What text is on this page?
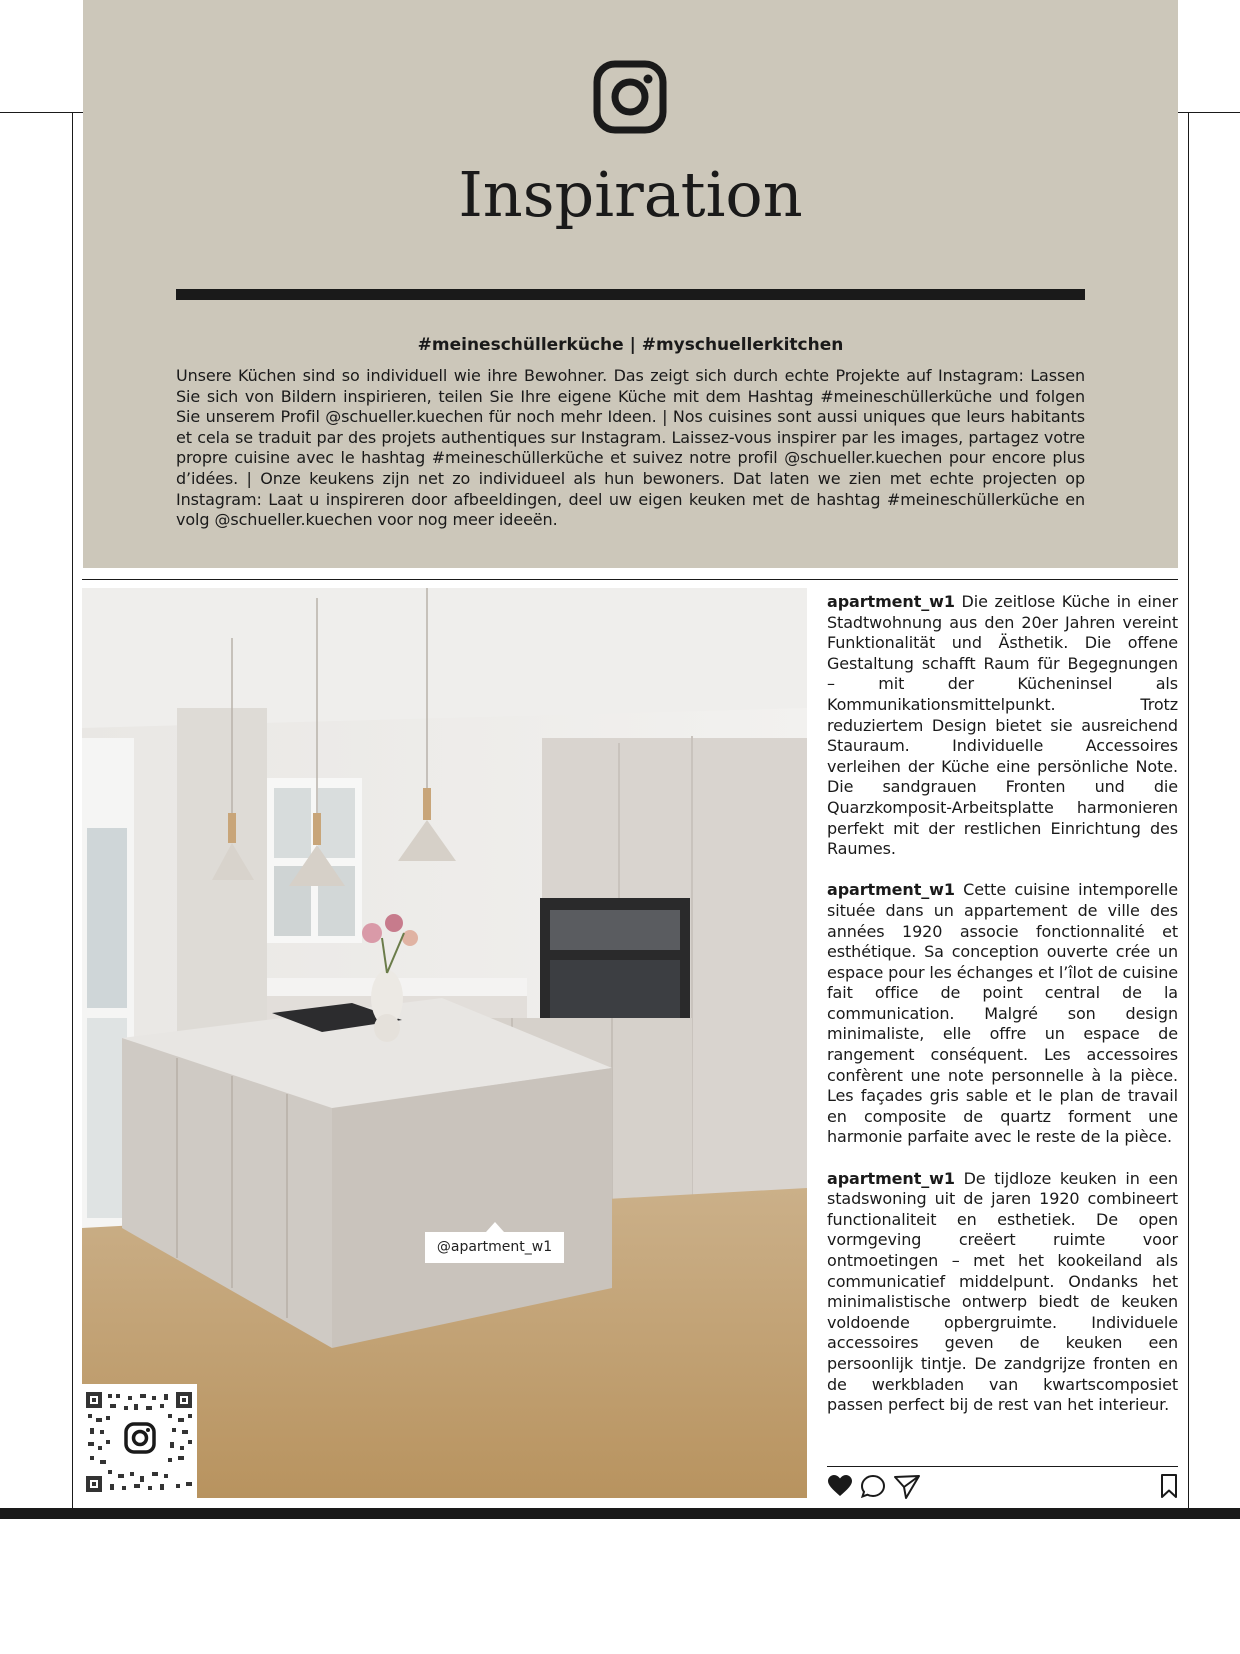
Inspiration
#meineschüllerküche | #myschuellerkitchen
Unsere Küchen sind so individuell wie ihre Bewohner. Das zeigt sich durch echte Projekte auf Instagram: Lassen Sie sich von Bildern inspirieren, teilen Sie Ihre eigene Küche mit dem Hashtag #meineschüllerküche und folgen Sie unserem Profil @schueller.kuechen für noch mehr Ideen. | Nos cuisines sont aussi uniques que leurs habitants et cela se traduit par des projets authentiques sur Instagram. Laissez-vous inspirer par les images, partagez votre propre cuisine avec le hashtag #meineschüllerküche et suivez notre profil @schueller.kuechen pour encore plus d’idées. | Onze keukens zijn net zo individueel als hun bewoners. Dat laten we zien met echte projecten op Instagram: Laat u inspireren door afbeeldingen, deel uw eigen keuken met de hashtag #meineschüllerküche en volg @schueller.kuechen voor nog meer ideeën.
@apartment_w1

apartment_w1 Die zeitlose Küche in einer Stadtwohnung aus den 20er Jahren vereint Funktionalität und Ästhetik. Die offene Gestaltung schafft Raum für Begegnungen – mit der Kücheninsel als Kommunikationsmittelpunkt. Trotz reduziertem Design bietet sie ausreichend Stauraum. Individuelle Accessoires verleihen der Küche eine persönliche Note. Die sandgrauen Fronten und die Quarzkomposit-Arbeitsplatte harmonieren perfekt mit der restlichen Einrichtung des Raumes.

apartment_w1 Cette cuisine intemporelle située dans un appartement de ville des années 1920 associe fonctionnalité et esthétique. Sa conception ouverte crée un espace pour les échanges et l’îlot de cuisine fait office de point central de la communication. Malgré son design minimaliste, elle offre un espace de rangement conséquent. Les accessoires confèrent une note personnelle à la pièce. Les façades gris sable et le plan de travail en composite de quartz forment une harmonie parfaite avec le reste de la pièce.

apartment_w1 De tijdloze keuken in een stadswoning uit de jaren 1920 combineert functionaliteit en esthetiek. De open vormgeving creëert ruimte voor ontmoetingen – met het kookeiland als communicatief middelpunt. Ondanks het minimalistische ontwerp biedt de keuken voldoende opbergruimte. Individuele accessoires geven de keuken een persoonlijk tintje. De zandgrijze fronten en de werkbladen van kwartscomposiet passen perfect bij de rest van het interieur.
